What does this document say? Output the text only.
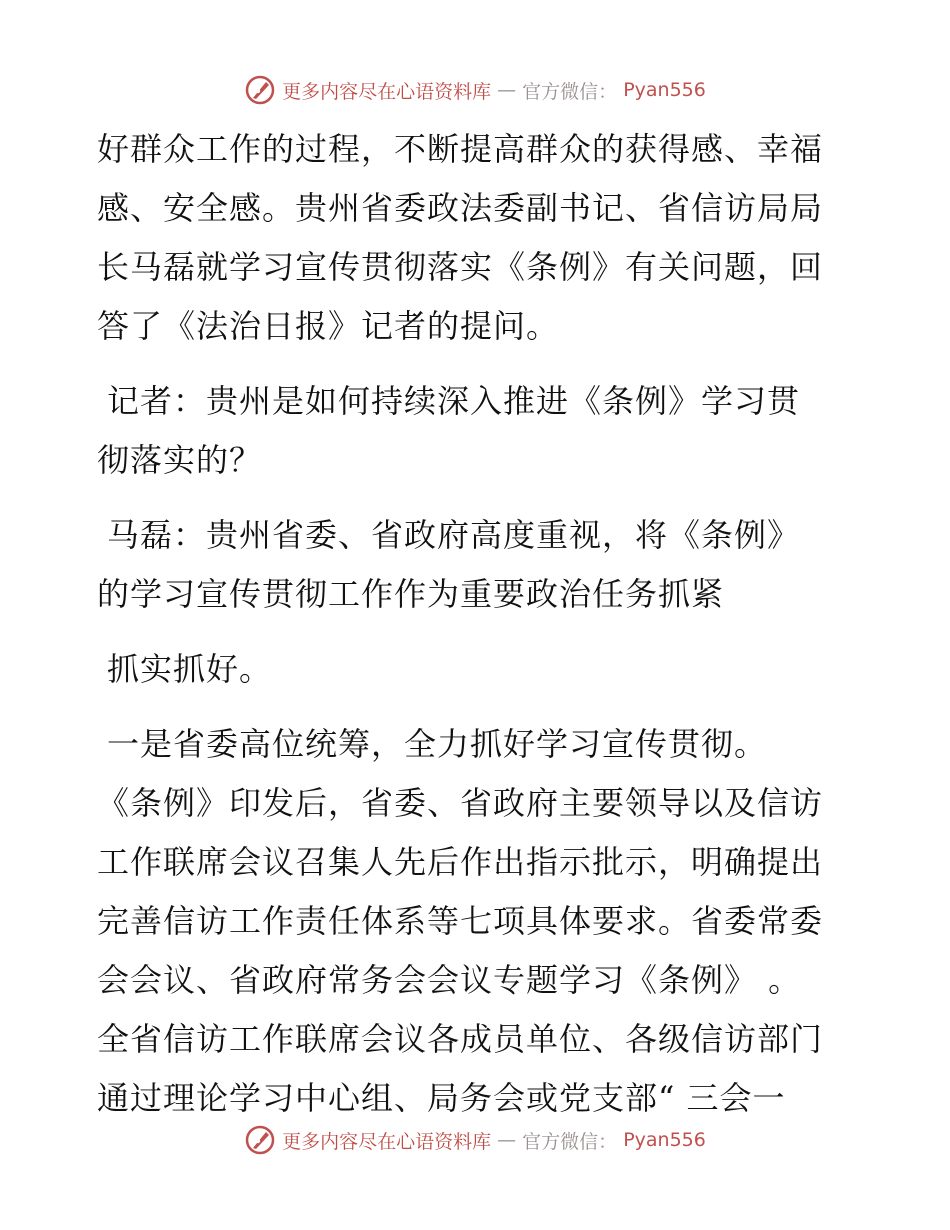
更多内容尽在心语资料库 — 官方微信： Pyan556
好群众工作的过程，不断提高群众的获得感、幸福
感、安全感。贵州省委政法委副书记、省信访局局
长马磊就学习宣传贯彻落实《条例》有关问题，回
答了《法治日报》记者的提问。
记者：贵州是如何持续深入推进《条例》学习贯
彻落实的？
马磊：贵州省委、省政府高度重视，将《条例》
的学习宣传贯彻工作作为重要政治任务抓紧
抓实抓好。
一是省委高位统筹，全力抓好学习宣传贯彻。
《条例》印发后，省委、省政府主要领导以及信访
工作联席会议召集人先后作出指示批示，明确提出
完善信访工作责任体系等七项具体要求。省委常委
会会议、省政府常务会会议专题学习《条例》 。
全省信访工作联席会议各成员单位、各级信访部门
通过理论学习中心组、局务会或党支部“ 三会一
更多内容尽在心语资料库 — 官方微信： Pyan556
